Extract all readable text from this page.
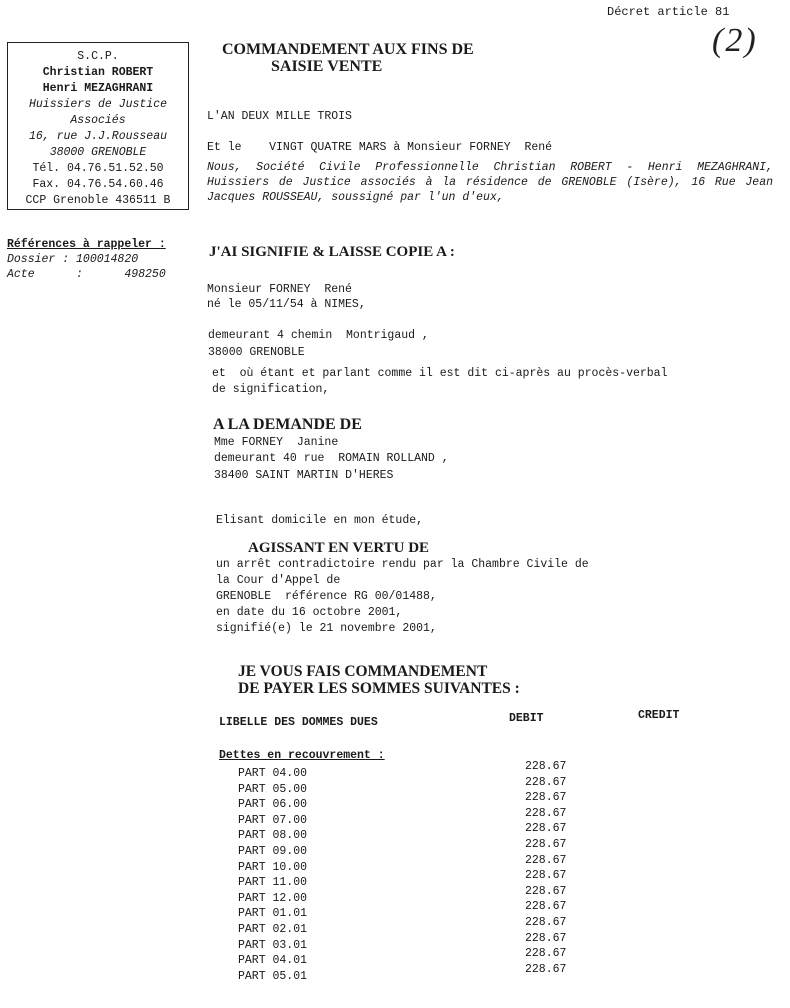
Décret article 81
(2)
S.C.P.
Christian ROBERT
Henri MEZAGHRANI
Huissiers de Justice
Associés
16, rue J.J.Rousseau
38000 GRENOBLE
Tél. 04.76.51.52.50
Fax. 04.76.54.60.46
CCP Grenoble 436511 B
Références à rappeler :
Dossier : 100014820
Acte      :      498250
COMMANDEMENT AUX FINS DE
SAISIE VENTE
L'AN DEUX MILLE TROIS
Et le    VINGT QUATRE MARS à Monsieur FORNEY  René
Nous, Société Civile Professionnelle Christian ROBERT - Henri MEZAGHRANI, Huissiers de Justice associés à la résidence de GRENOBLE (Isère), 16 Rue Jean Jacques ROUSSEAU, soussigné par l'un d'eux,
J'AI SIGNIFIE & LAISSE COPIE A :
Monsieur FORNEY  René
né le 05/11/54 à NIMES,
demeurant 4 chemin  Montrigaud ,
38000 GRENOBLE
et  où étant et parlant comme il est dit ci-après au procès-verbal
de signification,
A LA DEMANDE DE
Mme FORNEY  Janine
demeurant 40 rue  ROMAIN ROLLAND ,
38400 SAINT MARTIN D'HERES
Elisant domicile en mon étude,
AGISSANT EN VERTU DE
un arrêt contradictoire rendu par la Chambre Civile de
la Cour d'Appel de
GRENOBLE  référence RG 00/01488,
en date du 16 octobre 2001,
signifié(e) le 21 novembre 2001,
JE VOUS FAIS COMMANDEMENT
DE PAYER LES SOMMES SUIVANTES :
LIBELLE DES DOMMES DUES	DEBIT	CREDIT
Dettes en recouvrement :
PART 04.00
228.67
PART 05.00
228.67
PART 06.00
228.67
PART 07.00
228.67
PART 08.00
228.67
PART 09.00
228.67
PART 10.00
228.67
PART 11.00
228.67
PART 12.00
228.67
PART 01.01
228.67
PART 02.01
228.67
PART 03.01
228.67
PART 04.01
228.67
PART 05.01
228.67
